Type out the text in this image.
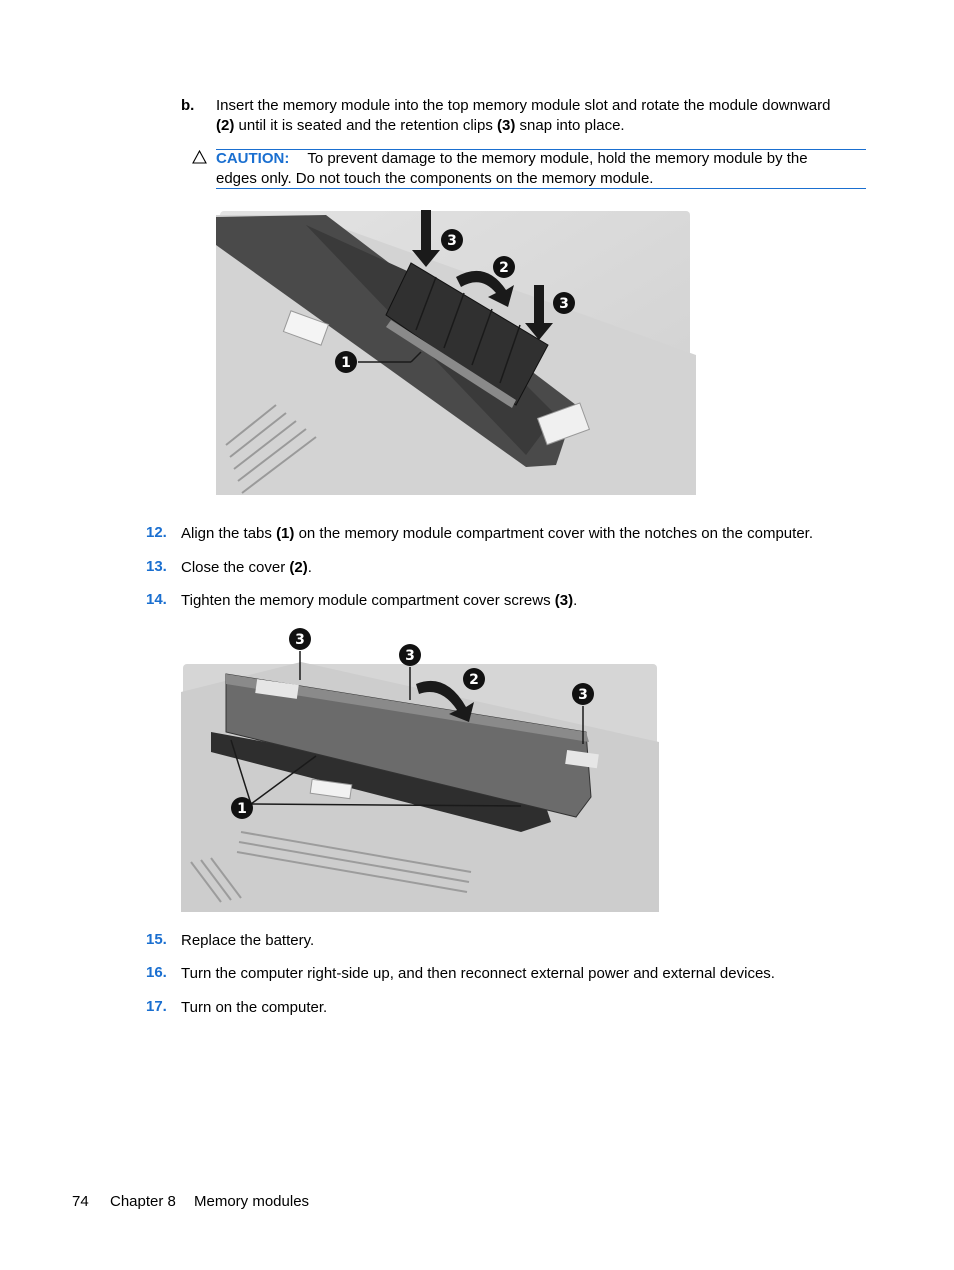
b. Insert the memory module into the top memory module slot and rotate the module downward
(2) until it is seated and the retention clips (3) snap into place.
CAUTION: To prevent damage to the memory module, hold the memory module by the
edges only. Do not touch the components on the memory module.
3
2
3
1
12. Align the tabs (1) on the memory module compartment cover with the notches on the computer.
13. Close the cover (2).
14. Tighten the memory module compartment cover screws (3).
3
3
2
3
1
15. Replace the battery.
16. Turn the computer right-side up, and then reconnect external power and external devices.
17. Turn on the computer.
74 Chapter 8 Memory modules
